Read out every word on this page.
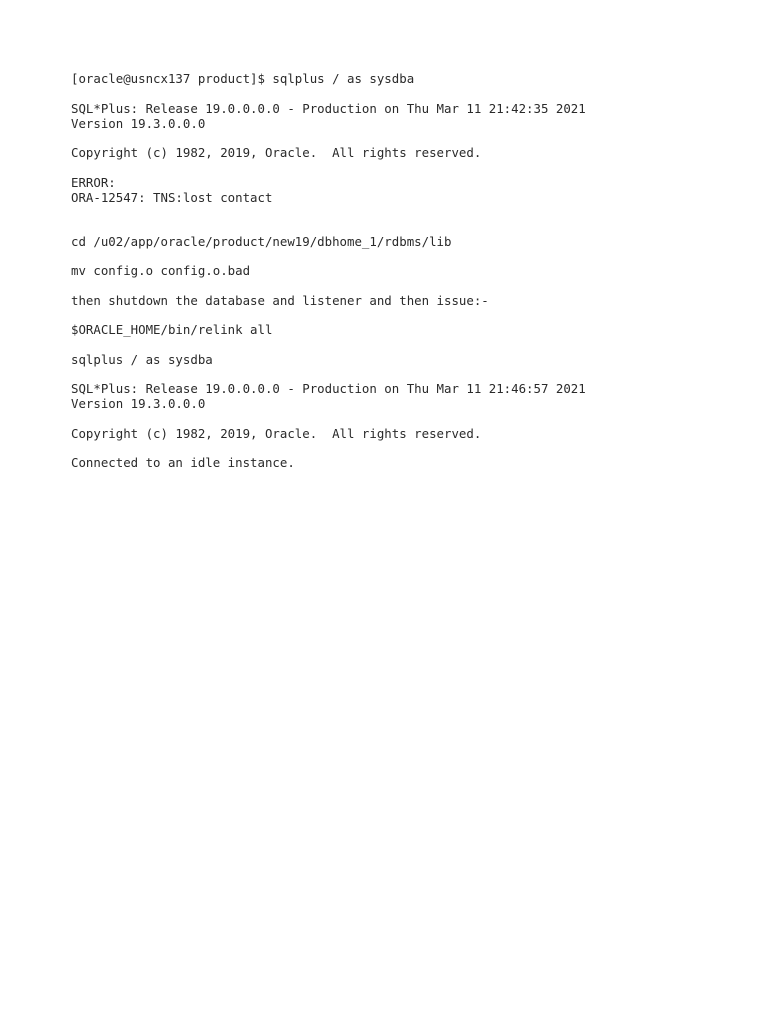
[oracle@usncx137 product]$ sqlplus / as sysdba
SQL*Plus: Release 19.0.0.0.0 - Production on Thu Mar 11 21:42:35 2021
Version 19.3.0.0.0
Copyright (c) 1982, 2019, Oracle.  All rights reserved.
ERROR:
ORA-12547: TNS:lost contact
cd /u02/app/oracle/product/new19/dbhome_1/rdbms/lib
mv config.o config.o.bad
then shutdown the database and listener and then issue:-
$ORACLE_HOME/bin/relink all
sqlplus / as sysdba
SQL*Plus: Release 19.0.0.0.0 - Production on Thu Mar 11 21:46:57 2021
Version 19.3.0.0.0
Copyright (c) 1982, 2019, Oracle.  All rights reserved.
Connected to an idle instance.
